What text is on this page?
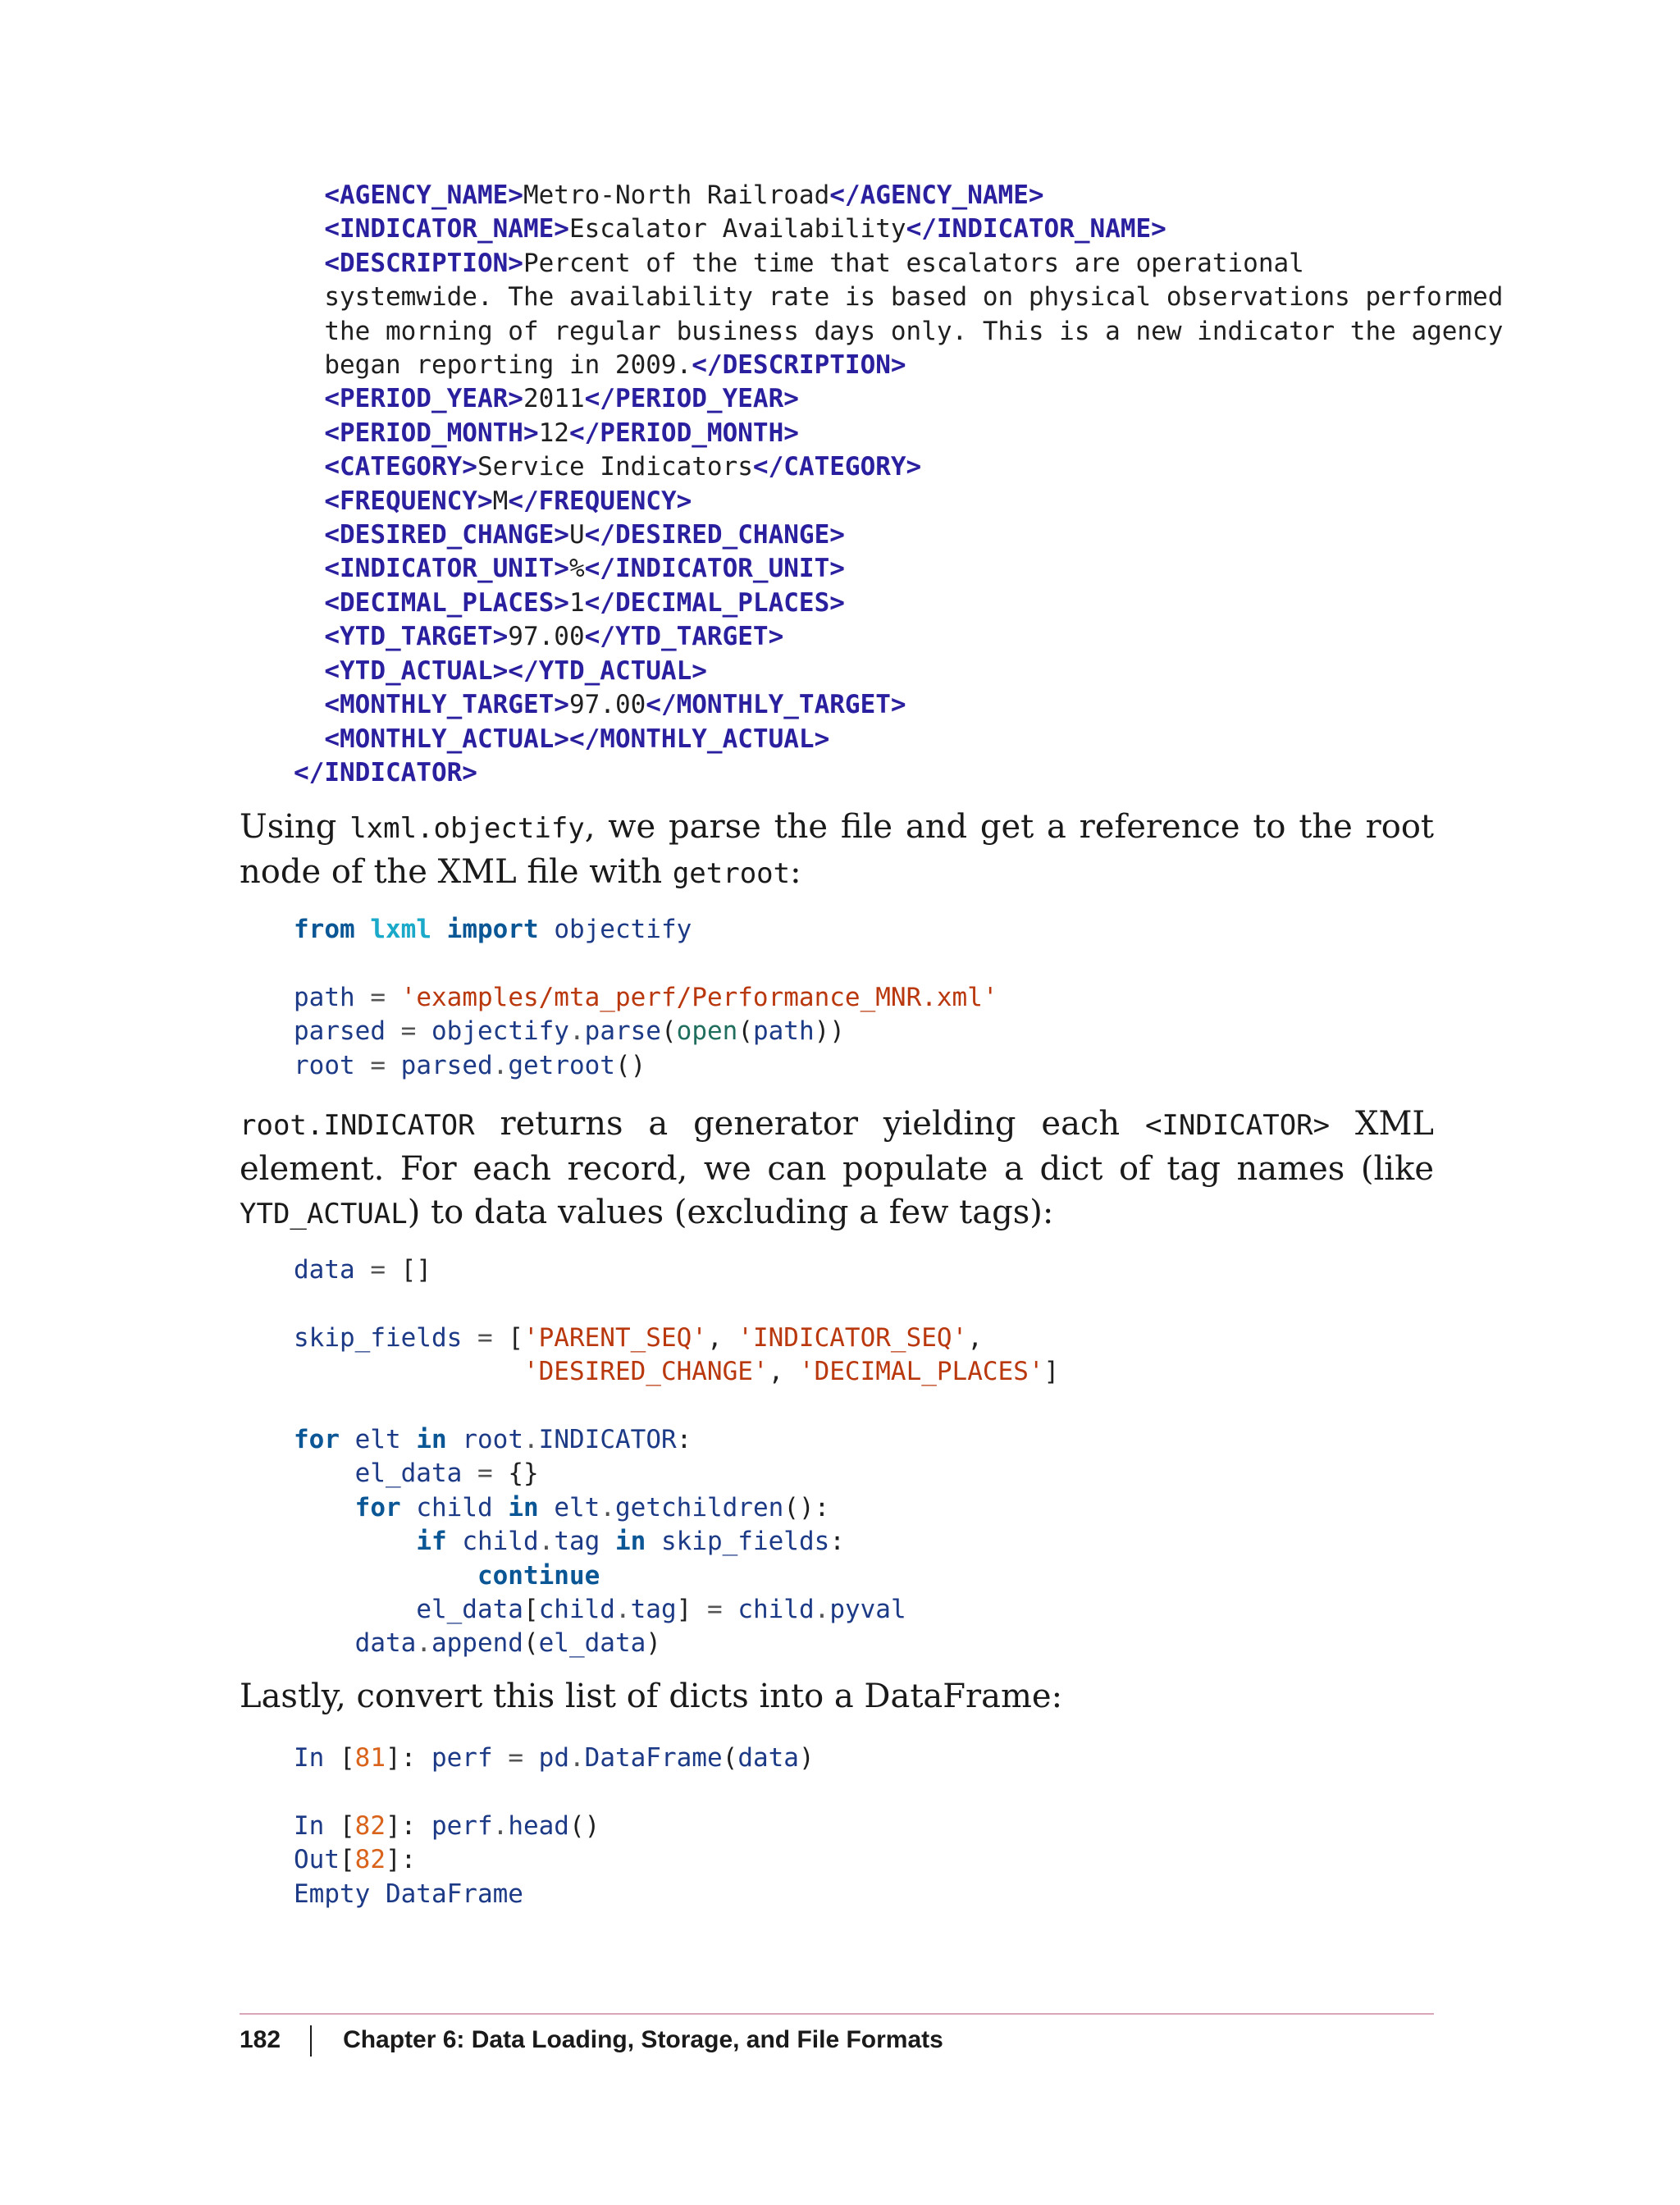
<AGENCY_NAME>Metro-North Railroad</AGENCY_NAME>
<INDICATOR_NAME>Escalator Availability</INDICATOR_NAME>
<DESCRIPTION>Percent of the time that escalators are operational
systemwide. The availability rate is based on physical observations performed
the morning of regular business days only. This is a new indicator the agency
began reporting in 2009.</DESCRIPTION>
<PERIOD_YEAR>2011</PERIOD_YEAR>
<PERIOD_MONTH>12</PERIOD_MONTH>
<CATEGORY>Service Indicators</CATEGORY>
<FREQUENCY>M</FREQUENCY>
<DESIRED_CHANGE>U</DESIRED_CHANGE>
<INDICATOR_UNIT>%</INDICATOR_UNIT>
<DECIMAL_PLACES>1</DECIMAL_PLACES>
<YTD_TARGET>97.00</YTD_TARGET>
<YTD_ACTUAL></YTD_ACTUAL>
<MONTHLY_TARGET>97.00</MONTHLY_TARGET>
<MONTHLY_ACTUAL></MONTHLY_ACTUAL>
</INDICATOR>

Using lxml.objectify, we parse the file and get a reference to the root node of the XML file with getroot:

from lxml import objectify

path = 'examples/mta_perf/Performance_MNR.xml'
parsed = objectify.parse(open(path))
root = parsed.getroot()

root.INDICATOR returns a generator yielding each <INDICATOR> XML element. For each record, we can populate a dict of tag names (like YTD_ACTUAL) to data values (excluding a few tags):

data = []

skip_fields = ['PARENT_SEQ', 'INDICATOR_SEQ',
'DESIRED_CHANGE', 'DECIMAL_PLACES']

for elt in root.INDICATOR:
el_data = {}
for child in elt.getchildren():
if child.tag in skip_fields:
continue
el_data[child.tag] = child.pyval
data.append(el_data)

Lastly, convert this list of dicts into a DataFrame:

In [81]: perf = pd.DataFrame(data)

In [82]: perf.head()
Out[82]:
Empty DataFrame
182	Chapter 6: Data Loading, Storage, and File Formats
